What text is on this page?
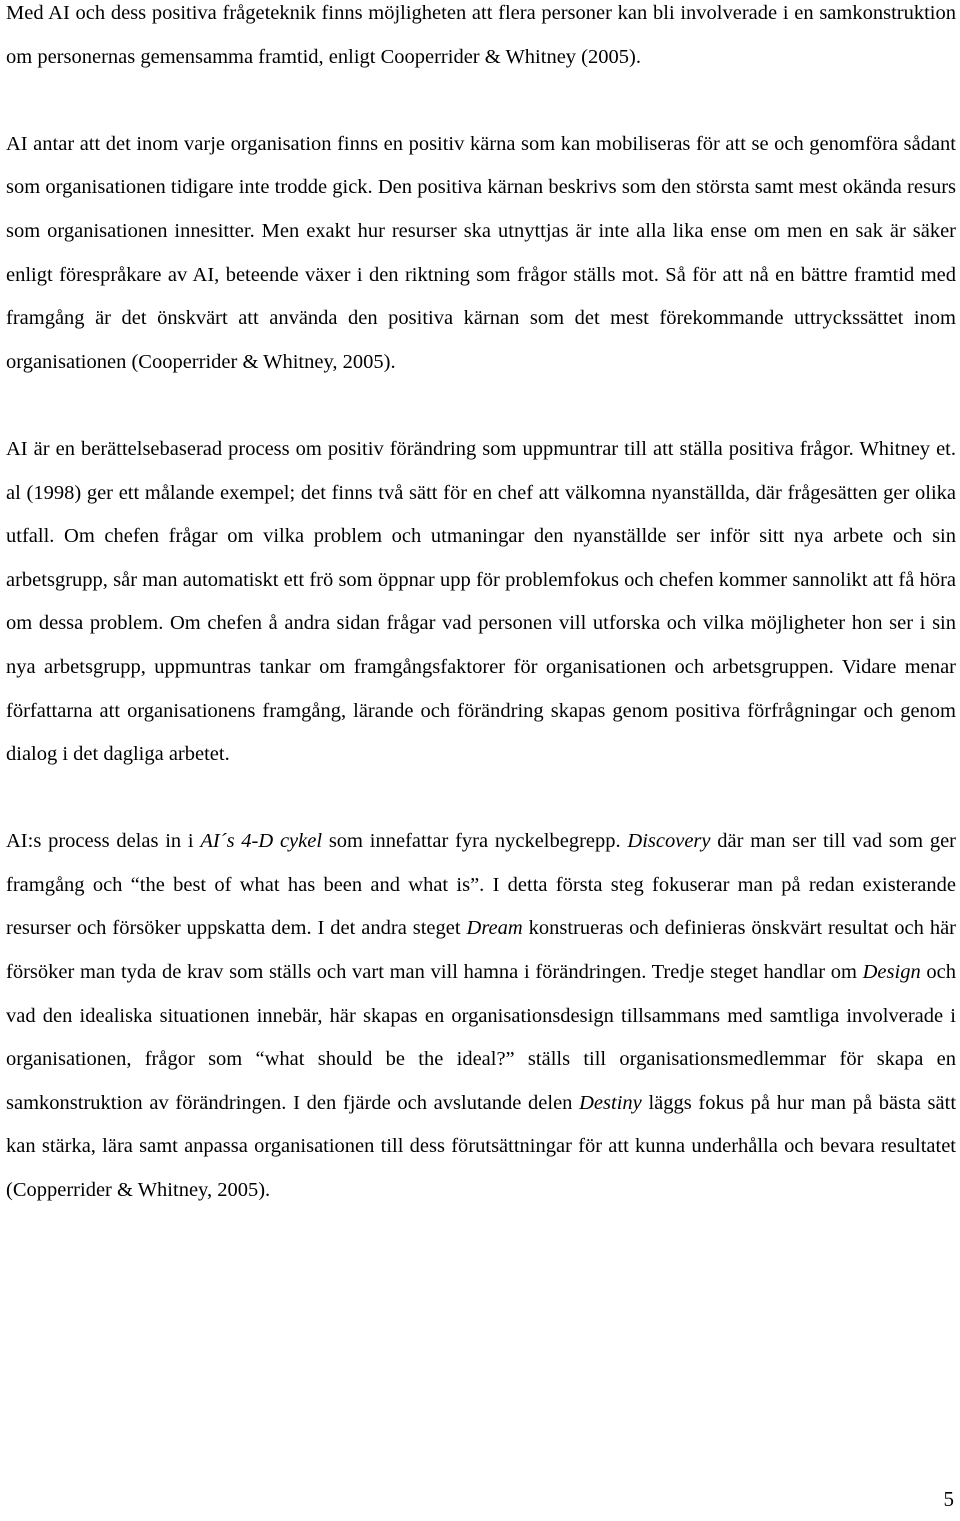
Med AI och dess positiva frågeteknik finns möjligheten att flera personer kan bli involverade i en samkonstruktion om personernas gemensamma framtid, enligt Cooperrider & Whitney (2005).

AI antar att det inom varje organisation finns en positiv kärna som kan mobiliseras för att se och genomföra sådant som organisationen tidigare inte trodde gick. Den positiva kärnan beskrivs som den största samt mest okända resurs som organisationen innesitter. Men exakt hur resurser ska utnyttjas är inte alla lika ense om men en sak är säker enligt förespråkare av AI, beteende växer i den riktning som frågor ställs mot. Så för att nå en bättre framtid med framgång är det önskvärt att använda den positiva kärnan som det mest förekommande uttryckssättet inom organisationen (Cooperrider & Whitney, 2005).

AI är en berättelsebaserad process om positiv förändring som uppmuntrar till att ställa positiva frågor. Whitney et. al (1998) ger ett målande exempel; det finns två sätt för en chef att välkomna nyanställda, där frågesätten ger olika utfall. Om chefen frågar om vilka problem och utmaningar den nyanställde ser inför sitt nya arbete och sin arbetsgrupp, sår man automatiskt ett frö som öppnar upp för problemfokus och chefen kommer sannolikt att få höra om dessa problem. Om chefen å andra sidan frågar vad personen vill utforska och vilka möjligheter hon ser i sin nya arbetsgrupp, uppmuntras tankar om framgångsfaktorer för organisationen och arbetsgruppen. Vidare menar författarna att organisationens framgång, lärande och förändring skapas genom positiva förfrågningar och genom dialog i det dagliga arbetet.

AI:s process delas in i AI´s 4-D cykel som innefattar fyra nyckelbegrepp. Discovery där man ser till vad som ger framgång och “the best of what has been and what is”. I detta första steg fokuserar man på redan existerande resurser och försöker uppskatta dem. I det andra steget Dream konstrueras och definieras önskvärt resultat och här försöker man tyda de krav som ställs och vart man vill hamna i förändringen. Tredje steget handlar om Design och vad den idealiska situationen innebär, här skapas en organisationsdesign tillsammans med samtliga involverade i organisationen, frågor som “what should be the ideal?” ställs till organisationsmedlemmar för skapa en samkonstruktion av förändringen. I den fjärde och avslutande delen Destiny läggs fokus på hur man på bästa sätt kan stärka, lära samt anpassa organisationen till dess förutsättningar för att kunna underhålla och bevara resultatet (Copperrider & Whitney, 2005).

5
